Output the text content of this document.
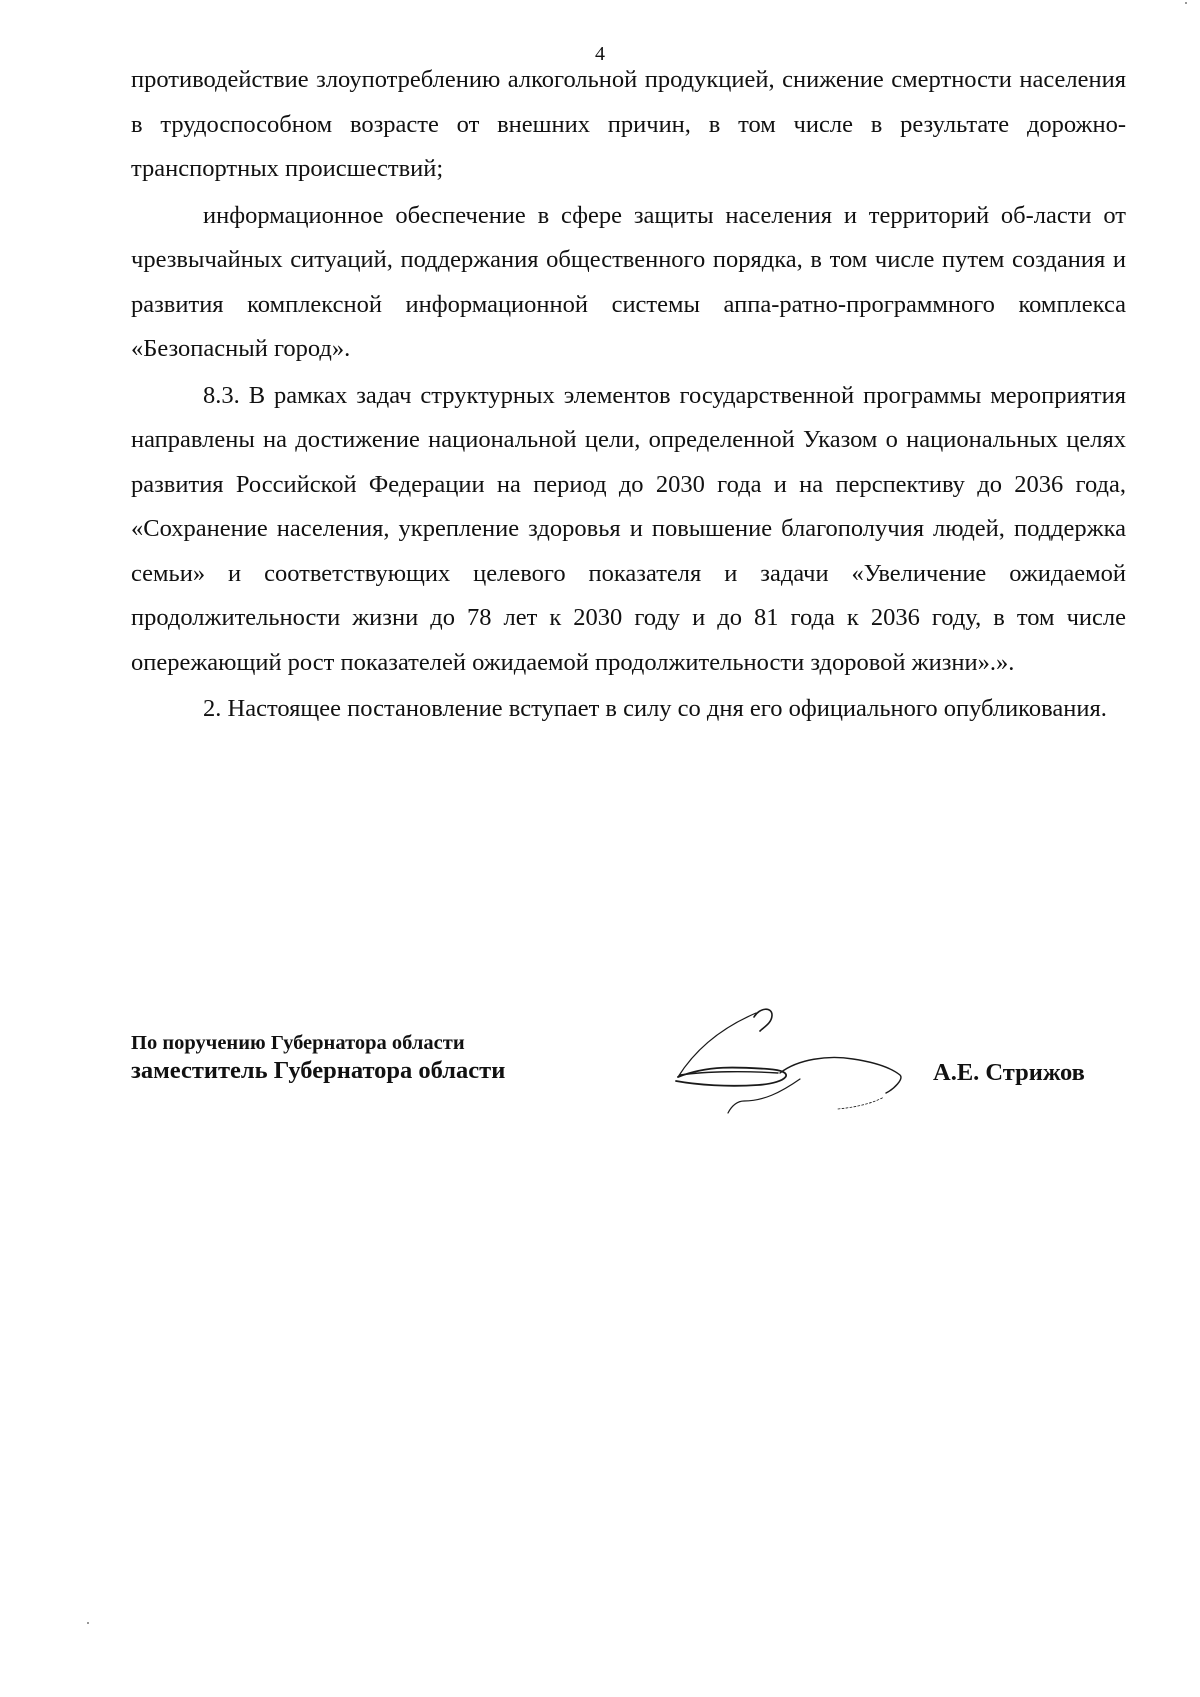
4

противодействие злоупотреблению алкогольной продукцией, снижение смертности населения в трудоспособном возрасте от внешних причин, в том числе в результате дорожно-транспортных происшествий;

информационное обеспечение в сфере защиты населения и территорий об-ласти от чрезвычайных ситуаций, поддержания общественного порядка, в том числе путем создания и развития комплексной информационной системы аппа-ратно-программного комплекса «Безопасный город».

8.3. В рамках задач структурных элементов государственной программы мероприятия направлены на достижение национальной цели, определенной Указом о национальных целях развития Российской Федерации на период до 2030 года и на перспективу до 2036 года, «Сохранение населения, укрепление здоровья и повышение благополучия людей, поддержка семьи» и соответствующих целевого показателя и задачи «Увеличение ожидаемой продолжительности жизни до 78 лет к 2030 году и до 81 года к 2036 году, в том числе опережающий рост показателей ожидаемой продолжительности здоровой жизни».».

2. Настоящее постановление вступает в силу со дня его официального опубликования.

По поручению Губернатора области
заместитель Губернатора области	А.Е. Стрижов
